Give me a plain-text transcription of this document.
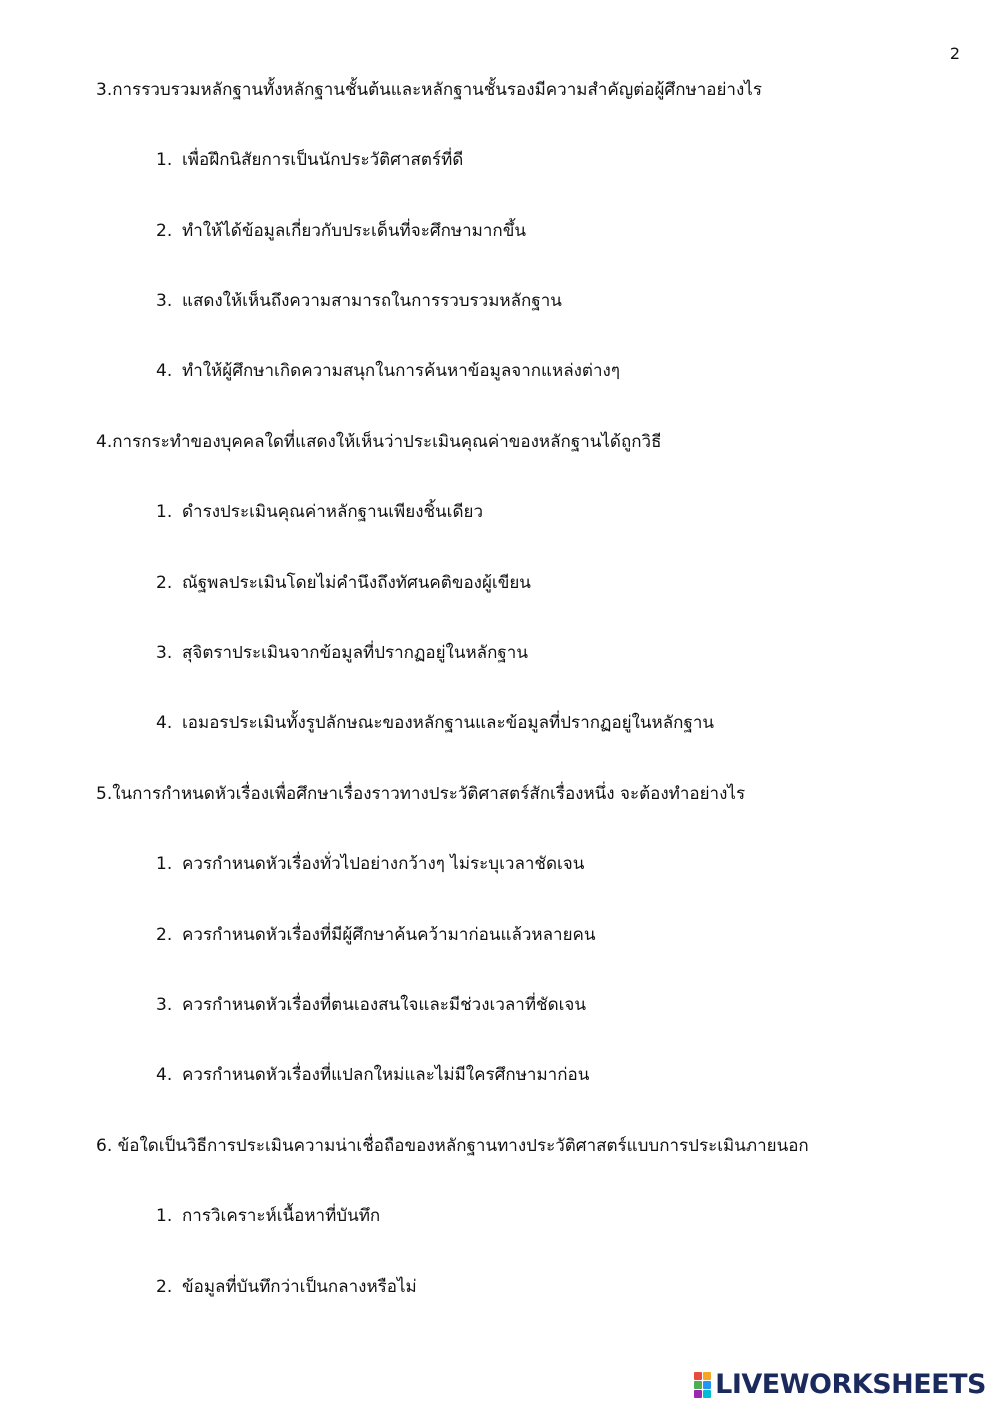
2
3.การรวบรวมหลักฐานทั้งหลักฐานชั้นต้นและหลักฐานชั้นรองมีความสำคัญต่อผู้ศึกษาอย่างไร
1. เพื่อฝึกนิสัยการเป็นนักประวัติศาสตร์ที่ดี
2. ทำให้ได้ข้อมูลเกี่ยวกับประเด็นที่จะศึกษามากขึ้น
3. แสดงให้เห็นถึงความสามารถในการรวบรวมหลักฐาน
4. ทำให้ผู้ศึกษาเกิดความสนุกในการค้นหาข้อมูลจากแหล่งต่างๆ
4.การกระทำของบุคคลใดที่แสดงให้เห็นว่าประเมินคุณค่าของหลักฐานได้ถูกวิธี
1. ดำรงประเมินคุณค่าหลักฐานเพียงชิ้นเดียว
2. ณัฐพลประเมินโดยไม่คำนึงถึงทัศนคติของผู้เขียน
3. สุจิตราประเมินจากข้อมูลที่ปรากฏอยู่ในหลักฐาน
4. เอมอรประเมินทั้งรูปลักษณะของหลักฐานและข้อมูลที่ปรากฏอยู่ในหลักฐาน
5.ในการกำหนดหัวเรื่องเพื่อศึกษาเรื่องราวทางประวัติศาสตร์สักเรื่องหนึ่ง จะต้องทำอย่างไร
1. ควรกำหนดหัวเรื่องทั่วไปอย่างกว้างๆ ไม่ระบุเวลาชัดเจน
2. ควรกำหนดหัวเรื่องที่มีผู้ศึกษาค้นคว้ามาก่อนแล้วหลายคน
3. ควรกำหนดหัวเรื่องที่ตนเองสนใจและมีช่วงเวลาที่ชัดเจน
4. ควรกำหนดหัวเรื่องที่แปลกใหม่และไม่มีใครศึกษามาก่อน
6. ข้อใดเป็นวิธีการประเมินความน่าเชื่อถือของหลักฐานทางประวัติศาสตร์แบบการประเมินภายนอก
1. การวิเคราะห์เนื้อหาที่บันทึก
2. ข้อมูลที่บันทึกว่าเป็นกลางหรือไม่
LIVEWORKSHEETS
